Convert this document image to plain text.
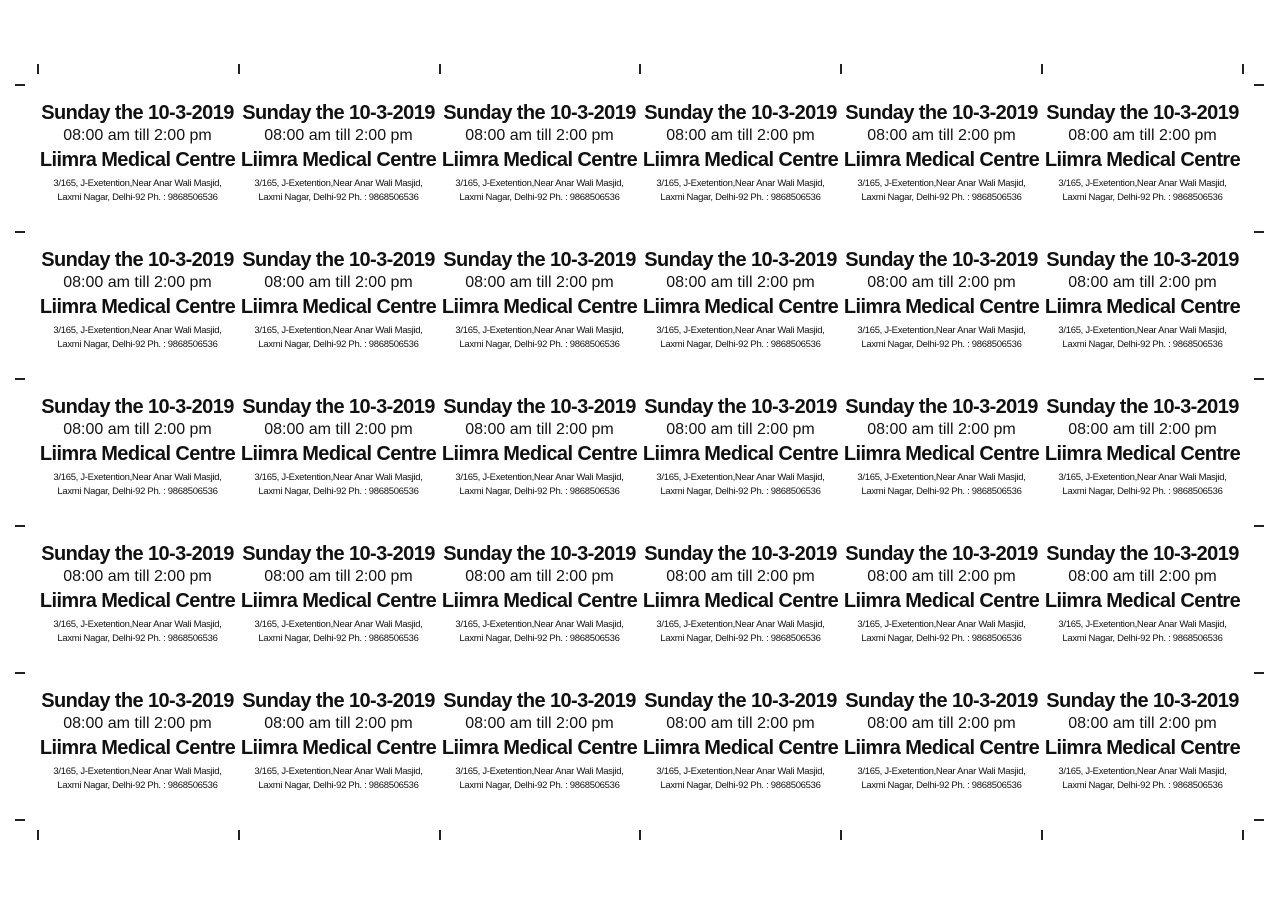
Sunday the 10-3-2019
08:00 am till 2:00 pm
Liimra Medical Centre
3/165, J-Exetention,Near Anar Wali Masjid,
Laxmi Nagar, Delhi-92 Ph. : 9868506536
Sunday the 10-3-2019
08:00 am till 2:00 pm
Liimra Medical Centre
3/165, J-Exetention,Near Anar Wali Masjid,
Laxmi Nagar, Delhi-92 Ph. : 9868506536
Sunday the 10-3-2019
08:00 am till 2:00 pm
Liimra Medical Centre
3/165, J-Exetention,Near Anar Wali Masjid,
Laxmi Nagar, Delhi-92 Ph. : 9868506536
Sunday the 10-3-2019
08:00 am till 2:00 pm
Liimra Medical Centre
3/165, J-Exetention,Near Anar Wali Masjid,
Laxmi Nagar, Delhi-92 Ph. : 9868506536
Sunday the 10-3-2019
08:00 am till 2:00 pm
Liimra Medical Centre
3/165, J-Exetention,Near Anar Wali Masjid,
Laxmi Nagar, Delhi-92 Ph. : 9868506536
Sunday the 10-3-2019
08:00 am till 2:00 pm
Liimra Medical Centre
3/165, J-Exetention,Near Anar Wali Masjid,
Laxmi Nagar, Delhi-92 Ph. : 9868506536
Sunday the 10-3-2019
08:00 am till 2:00 pm
Liimra Medical Centre
3/165, J-Exetention,Near Anar Wali Masjid,
Laxmi Nagar, Delhi-92 Ph. : 9868506536
Sunday the 10-3-2019
08:00 am till 2:00 pm
Liimra Medical Centre
3/165, J-Exetention,Near Anar Wali Masjid,
Laxmi Nagar, Delhi-92 Ph. : 9868506536
Sunday the 10-3-2019
08:00 am till 2:00 pm
Liimra Medical Centre
3/165, J-Exetention,Near Anar Wali Masjid,
Laxmi Nagar, Delhi-92 Ph. : 9868506536
Sunday the 10-3-2019
08:00 am till 2:00 pm
Liimra Medical Centre
3/165, J-Exetention,Near Anar Wali Masjid,
Laxmi Nagar, Delhi-92 Ph. : 9868506536
Sunday the 10-3-2019
08:00 am till 2:00 pm
Liimra Medical Centre
3/165, J-Exetention,Near Anar Wali Masjid,
Laxmi Nagar, Delhi-92 Ph. : 9868506536
Sunday the 10-3-2019
08:00 am till 2:00 pm
Liimra Medical Centre
3/165, J-Exetention,Near Anar Wali Masjid,
Laxmi Nagar, Delhi-92 Ph. : 9868506536
Sunday the 10-3-2019
08:00 am till 2:00 pm
Liimra Medical Centre
3/165, J-Exetention,Near Anar Wali Masjid,
Laxmi Nagar, Delhi-92 Ph. : 9868506536
Sunday the 10-3-2019
08:00 am till 2:00 pm
Liimra Medical Centre
3/165, J-Exetention,Near Anar Wali Masjid,
Laxmi Nagar, Delhi-92 Ph. : 9868506536
Sunday the 10-3-2019
08:00 am till 2:00 pm
Liimra Medical Centre
3/165, J-Exetention,Near Anar Wali Masjid,
Laxmi Nagar, Delhi-92 Ph. : 9868506536
Sunday the 10-3-2019
08:00 am till 2:00 pm
Liimra Medical Centre
3/165, J-Exetention,Near Anar Wali Masjid,
Laxmi Nagar, Delhi-92 Ph. : 9868506536
Sunday the 10-3-2019
08:00 am till 2:00 pm
Liimra Medical Centre
3/165, J-Exetention,Near Anar Wali Masjid,
Laxmi Nagar, Delhi-92 Ph. : 9868506536
Sunday the 10-3-2019
08:00 am till 2:00 pm
Liimra Medical Centre
3/165, J-Exetention,Near Anar Wali Masjid,
Laxmi Nagar, Delhi-92 Ph. : 9868506536
Sunday the 10-3-2019
08:00 am till 2:00 pm
Liimra Medical Centre
3/165, J-Exetention,Near Anar Wali Masjid,
Laxmi Nagar, Delhi-92 Ph. : 9868506536
Sunday the 10-3-2019
08:00 am till 2:00 pm
Liimra Medical Centre
3/165, J-Exetention,Near Anar Wali Masjid,
Laxmi Nagar, Delhi-92 Ph. : 9868506536
Sunday the 10-3-2019
08:00 am till 2:00 pm
Liimra Medical Centre
3/165, J-Exetention,Near Anar Wali Masjid,
Laxmi Nagar, Delhi-92 Ph. : 9868506536
Sunday the 10-3-2019
08:00 am till 2:00 pm
Liimra Medical Centre
3/165, J-Exetention,Near Anar Wali Masjid,
Laxmi Nagar, Delhi-92 Ph. : 9868506536
Sunday the 10-3-2019
08:00 am till 2:00 pm
Liimra Medical Centre
3/165, J-Exetention,Near Anar Wali Masjid,
Laxmi Nagar, Delhi-92 Ph. : 9868506536
Sunday the 10-3-2019
08:00 am till 2:00 pm
Liimra Medical Centre
3/165, J-Exetention,Near Anar Wali Masjid,
Laxmi Nagar, Delhi-92 Ph. : 9868506536
Sunday the 10-3-2019
08:00 am till 2:00 pm
Liimra Medical Centre
3/165, J-Exetention,Near Anar Wali Masjid,
Laxmi Nagar, Delhi-92 Ph. : 9868506536
Sunday the 10-3-2019
08:00 am till 2:00 pm
Liimra Medical Centre
3/165, J-Exetention,Near Anar Wali Masjid,
Laxmi Nagar, Delhi-92 Ph. : 9868506536
Sunday the 10-3-2019
08:00 am till 2:00 pm
Liimra Medical Centre
3/165, J-Exetention,Near Anar Wali Masjid,
Laxmi Nagar, Delhi-92 Ph. : 9868506536
Sunday the 10-3-2019
08:00 am till 2:00 pm
Liimra Medical Centre
3/165, J-Exetention,Near Anar Wali Masjid,
Laxmi Nagar, Delhi-92 Ph. : 9868506536
Sunday the 10-3-2019
08:00 am till 2:00 pm
Liimra Medical Centre
3/165, J-Exetention,Near Anar Wali Masjid,
Laxmi Nagar, Delhi-92 Ph. : 9868506536
Sunday the 10-3-2019
08:00 am till 2:00 pm
Liimra Medical Centre
3/165, J-Exetention,Near Anar Wali Masjid,
Laxmi Nagar, Delhi-92 Ph. : 9868506536
